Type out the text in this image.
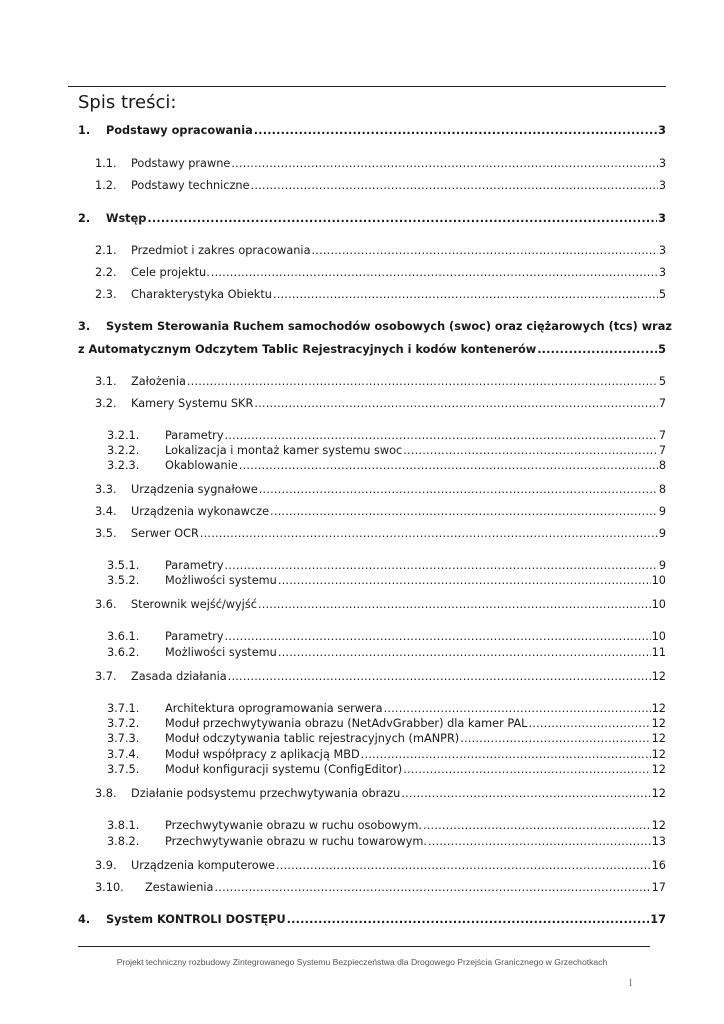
Spis treści:
1.	Podstawy opracowania .....	3
1.1.	Podstawy prawne .....	3
1.2.	Podstawy techniczne .....	3
2.	Wstęp .....	3
2.1.	Przedmiot i zakres opracowania .....	3
2.2.	Cele projektu. .....	3
2.3.	Charakterystyka Obiektu .....	5
3. System Sterowania Ruchem samochodów osobowych (swoc) oraz ciężarowych (tcs) wraz
z Automatycznym Odczytem Tablic Rejestracyjnych i kodów kontenerów .....	5
3.1.	Założenia .....	5
3.2.	Kamery Systemu SKR .....	7
3.2.1.	Parametry .....	7
3.2.2.	Lokalizacja i montaż kamer systemu swoc .....	7
3.2.3.	Okablowanie .....	8
3.3.	Urządzenia sygnałowe .....	8
3.4.	Urządzenia wykonawcze .....	9
3.5.	Serwer OCR .....	9
3.5.1.	Parametry .....	9
3.5.2.	Możliwości systemu .....	10
3.6.	Sterownik wejść/wyjść .....	10
3.6.1.	Parametry .....	10
3.6.2.	Możliwości systemu .....	11
3.7.	Zasada działania .....	12
3.7.1.	Architektura oprogramowania serwera .....	12
3.7.2.	Moduł przechwytywania obrazu (NetAdvGrabber) dla kamer PAL .....	12
3.7.3.	Moduł odczytywania tablic rejestracyjnych (mANPR) .....	12
3.7.4.	Moduł współpracy z aplikacją MBD .....	12
3.7.5.	Moduł konfiguracji systemu (ConfigEditor) .....	12
3.8.	Działanie podsystemu przechwytywania obrazu .....	12
3.8.1.	Przechwytywanie obrazu w ruchu osobowym. .....	12
3.8.2.	Przechwytywanie obrazu w ruchu towarowym. .....	13
3.9.	Urządzenia komputerowe .....	16
3.10.	Zestawienia .....	17
4.	System KONTROLI DOSTĘPU .....	17
Projekt techniczny rozbudowy Zintegrowanego Systemu Bezpieczeństwa dla Drogowego Przejścia Granicznego w Grzechotkach
1
